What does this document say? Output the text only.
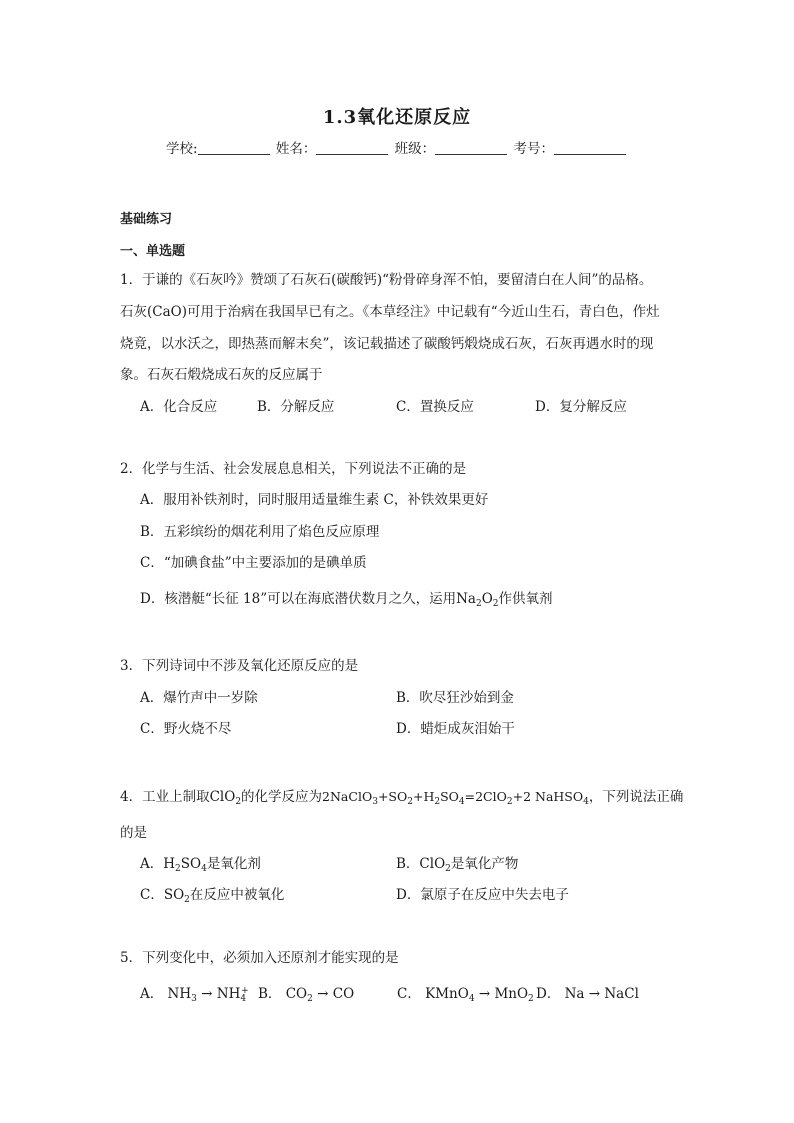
1.3氧化还原反应
学校:	姓名：	班级：	考号：
基础练习
一、单选题
1．于谦的《石灰吟》赞颂了石灰石(碳酸钙)“粉骨碎身浑不怕，要留清白在人间”的品格。
石灰(CaO)可用于治病在我国早已有之。《本草经注》中记载有“今近山生石，青白色，作灶
烧竟，以水沃之，即热蒸而解末矣”，该记载描述了碳酸钙煅烧成石灰，石灰再遇水时的现
象。石灰石煅烧成石灰的反应属于
A．化合反应	B．分解反应	C．置换反应	D．复分解反应
2．化学与生活、社会发展息息相关，下列说法不正确的是
A．服用补铁剂时，同时服用适量维生素 C，补铁效果更好
B．五彩缤纷的烟花利用了焰色反应原理
C．“加碘食盐”中主要添加的是碘单质
D．核潜艇“长征 18”可以在海底潜伏数月之久，运用$Na_2O_2$作供氧剂
3．下列诗词中不涉及氧化还原反应的是
A．爆竹声中一岁除	B．吹尽狂沙始到金
C．野火烧不尽	D．蜡炬成灰泪始干
4．工业上制取ClO$_2$的化学反应为$2NaClO_3+SO_2+H_2SO_4=2ClO_2+2$ NaHSO$_4$，下列说法正确
的是
A．$H_2SO_4$是氧化剂	B．ClO$_2$是氧化产物
C．$SO_2$在反应中被氧化	D．氯原子在反应中失去电子
5．下列变化中，必须加入还原剂才能实现的是
A． $NH_3 \to NH_4^+$ B． $CO_2$ → CO	C． KMnO$_4$ → MnO$_2$ D． Na → NaCl
